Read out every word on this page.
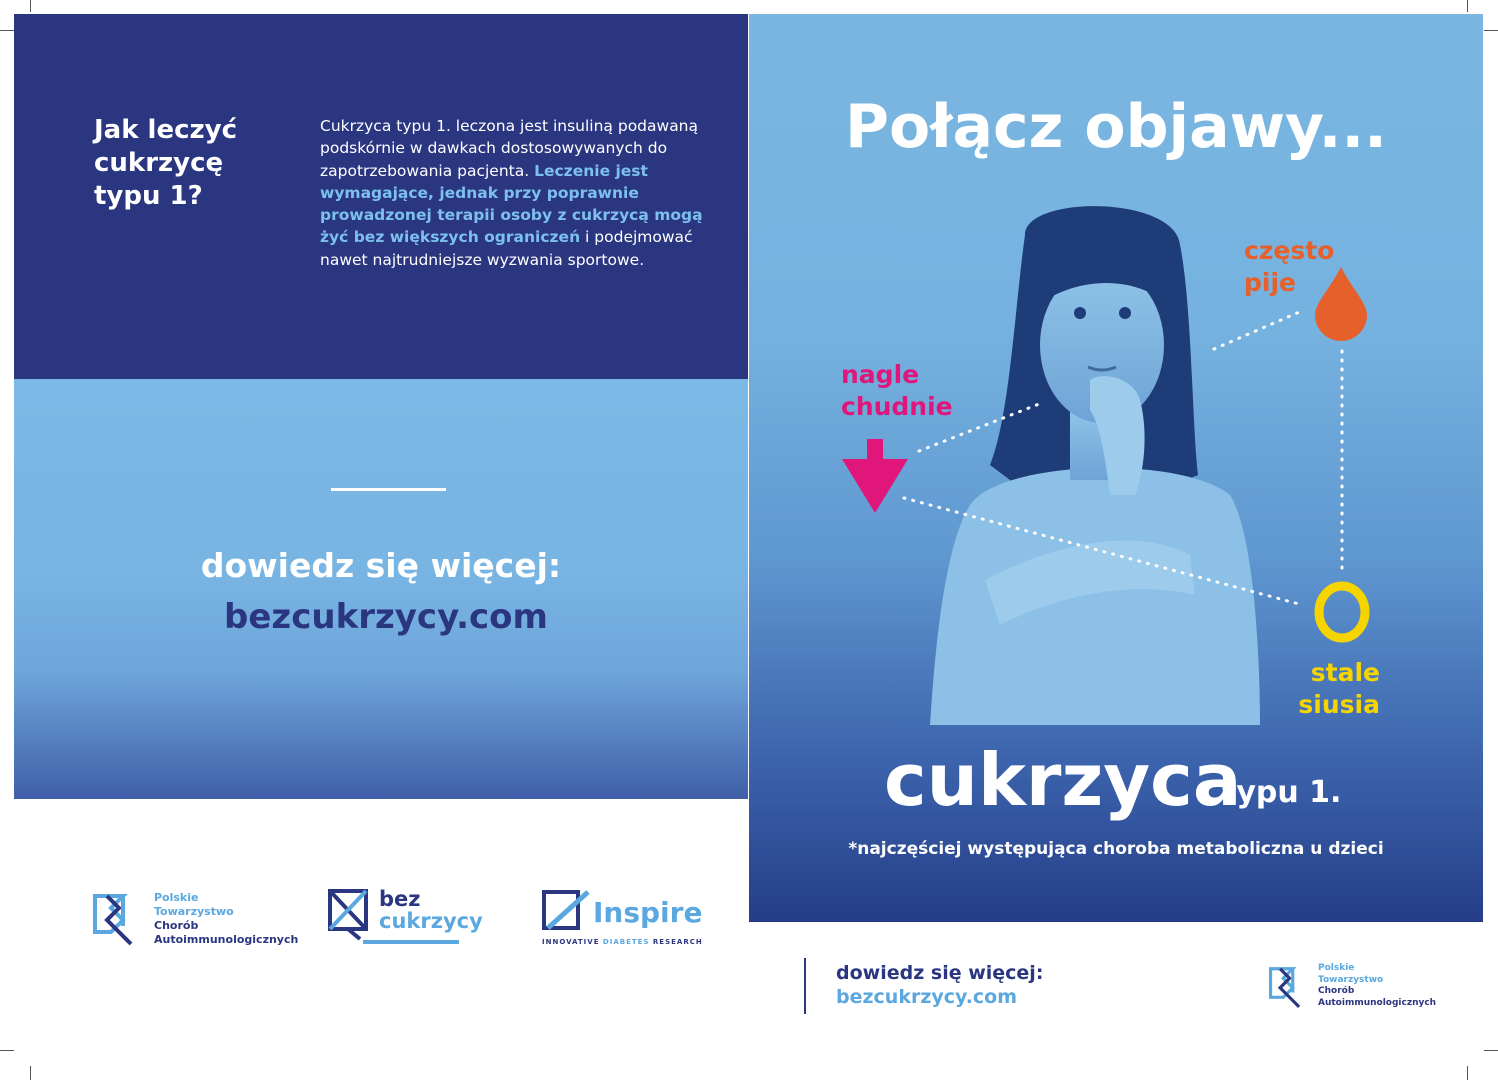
Jak leczyć cukrzycę typu 1?
Cukrzyca typu 1. leczona jest insuliną podawaną podskórnie w dawkach dostosowywanych do zapotrzebowania pacjenta. Leczenie jest wymagające, jednak przy poprawnie prowadzonej terapii osoby z cukrzycą mogą żyć bez większych ograniczeń i podejmować nawet najtrudniejsze wyzwania sportowe.
dowiedz się więcej:
bezcukrzycy.com
Polskie
Towarzystwo
Chorób
Autoimmunologicznych
bez
cukrzycy	Inspire
INNOVATIVE DIABETES RESEARCH
Połącz objawy...
często pije
nagle chudnie
stale siusia
cukrzyca
typu 1.
*najczęściej występująca choroba metaboliczna u dzieci
dowiedz się więcej:
bezcukrzycy.com
Polskie
Towarzystwo
Chorób
Autoimmunologicznych
